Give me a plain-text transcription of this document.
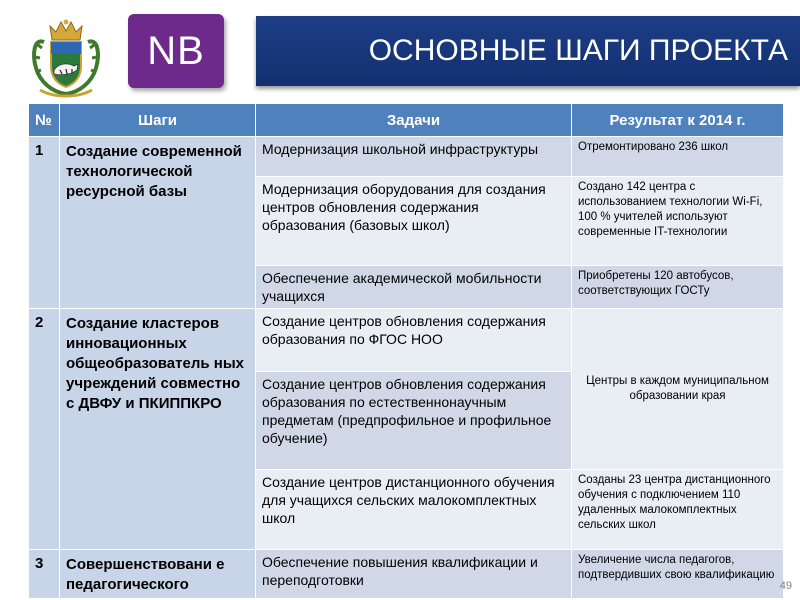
NB	ОСНОВНЫЕ ШАГИ ПРОЕКТА
№	Шаги	Задачи	Результат к 2014 г.
1	Создание современной технологической ресурсной базы	Модернизация школьной инфраструктуры	Отремонтировано 236 школ
		Модернизация оборудования для создания центров обновления содержания образования (базовых школ)	Создано 142 центра с использованием технологии Wi-Fi, 100 % учителей используют современные IT-технологии
		Обеспечение академической мобильности учащихся	Приобретены 120 автобусов, соответствующих ГОСТу
2	Создание кластеров инновационных общеобразователь ных учреждений совместно с ДВФУ и ПКИППКРО	Создание центров обновления содержания образования по ФГОС НОО	Центры в каждом муниципальном образовании края
		Создание центров обновления содержания образования по естественнонаучным предметам (предпрофильное и профильное обучение)	
		Создание центров дистанционного обучения для учащихся сельских малокомплектных школ	Созданы 23 центра дистанционного обучения с подключением 110 удаленных малокомплектных сельских школ
3	Совершенствовани е педагогического	Обеспечение повышения квалификации и переподготовки	Увеличение числа педагогов, подтвердивших свою квалификацию
49
